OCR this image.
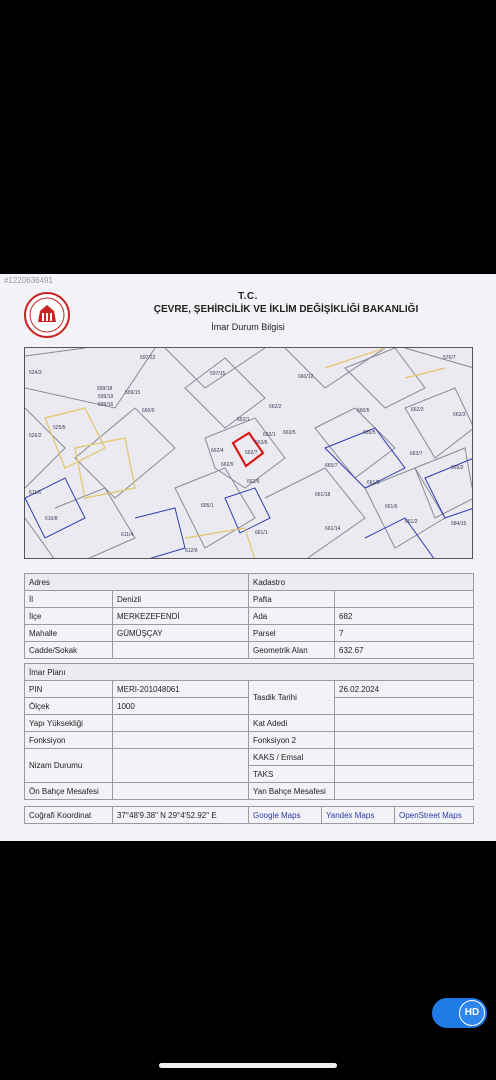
#1220636491
T.C.
ÇEVRE, ŞEHİRCİLİK VE İKLİM DEĞİŞİKLİĞİ BAKANLIĞI
İmar Durum Bilgisi
597/22	576/7
524/3	597/15	660/12
599/18
599/19
599/15
599/16
660/9	662/3
663/3
525/5
526/2
662/1
662/2
663/5
662/4	662/7
663/6
662/9
662/6
665/7
663/1
665/2
665/5
663/7
660/5
661/6
661/5
605/1
661/18
661/14
661/1
661/2	584/15
611/6
610/8
611/4
612/6
Adres		Kadastro	
İl	Denizli	Pafta	
İlçe	MERKEZEFENDİ	Ada	682
Mahalle	GÜMÜŞÇAY	Parsel	7
Cadde/Sokak		Geometrik Alan	632.67
İmar Planı			
PIN	MERI-201048061	Tasdik Tarihi	26.02.2024
Ölçek	1000		
Yapı Yüksekliği		Kat Adedi	
Fonksiyon		Fonksiyon 2	
Nizam Durumu		KAKS / Emsal	
		TAKS	
Ön Bahçe Mesafesi		Yan Bahçe Mesafesi	
Coğrafi Koordinat	37°48'9.38" N 29°4'52.92" E	Google Maps	Yandex Maps	OpenStreet Maps
HD
